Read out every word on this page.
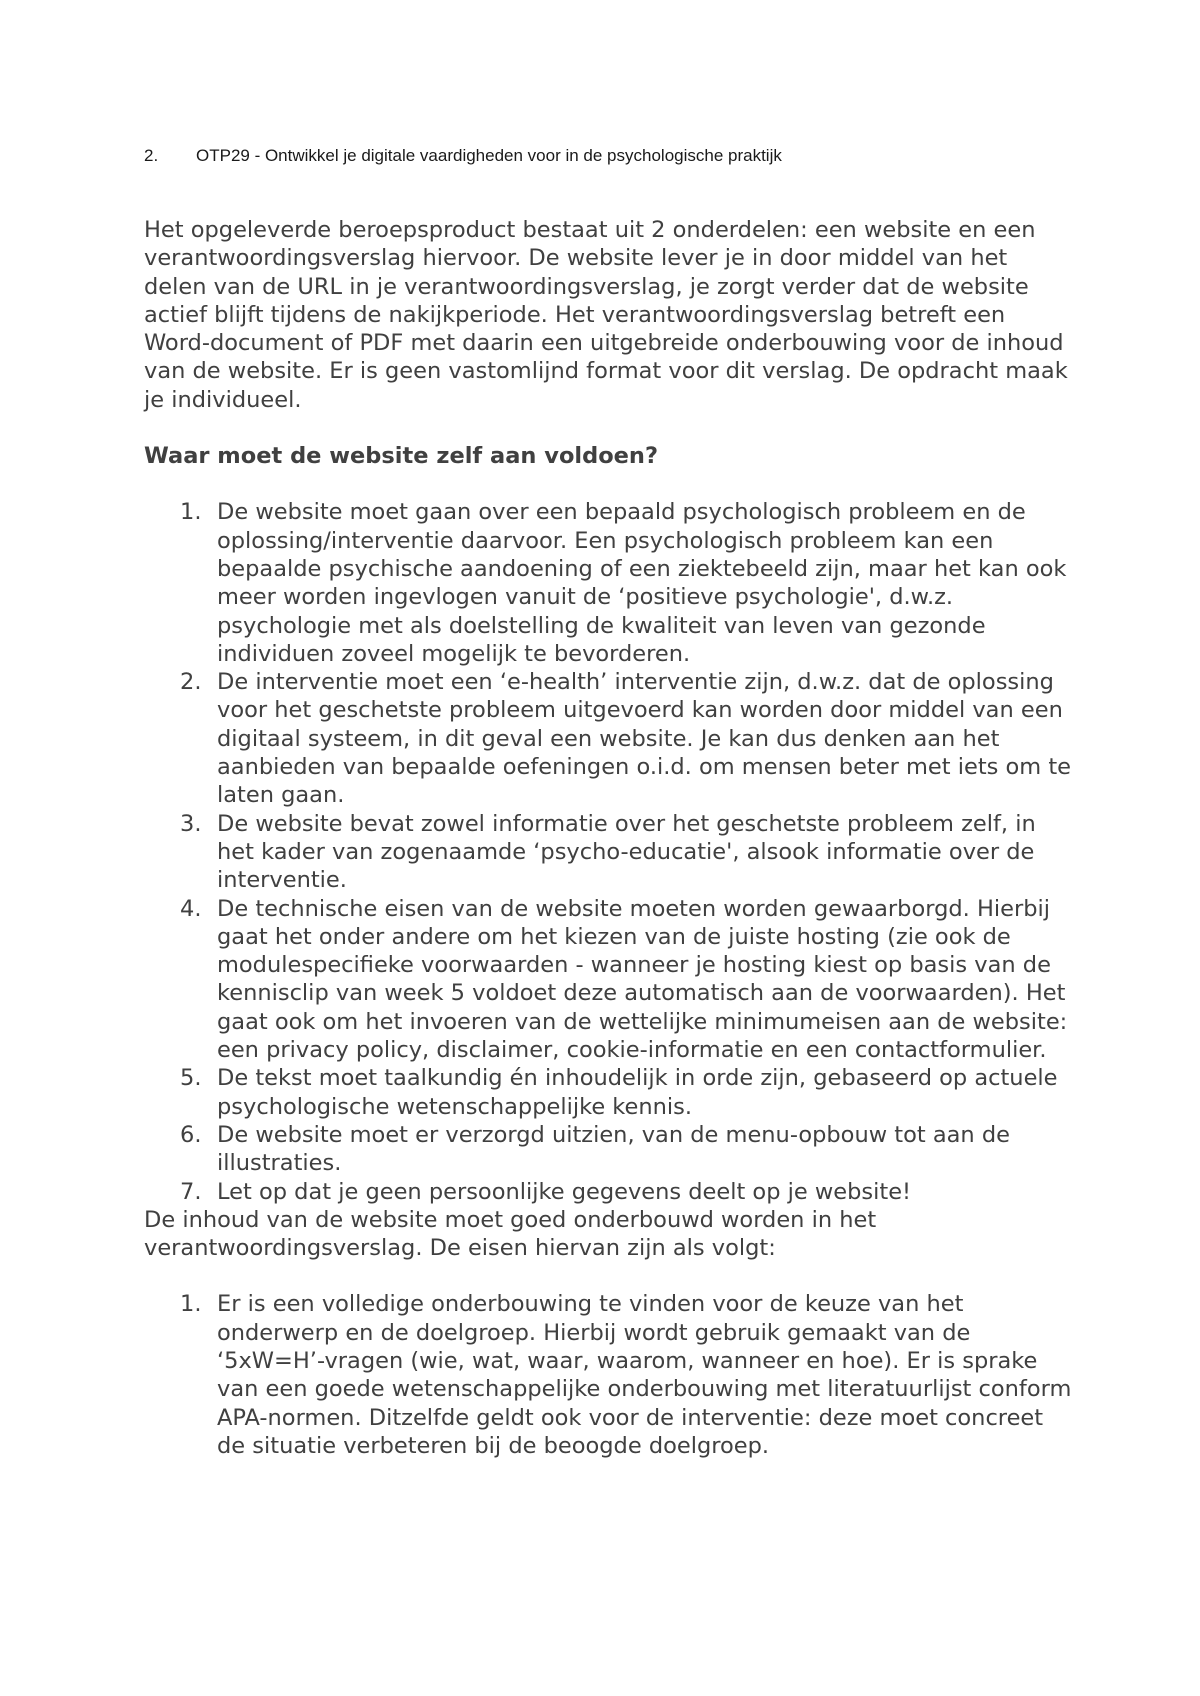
2. OTP29 - Ontwikkel je digitale vaardigheden voor in de psychologische praktijk

Het opgeleverde beroepsproduct bestaat uit 2 onderdelen: een website en een verantwoordingsverslag hiervoor. De website lever je in door middel van het delen van de URL in je verantwoordingsverslag, je zorgt verder dat de website actief blijft tijdens de nakijkperiode. Het verantwoordingsverslag betreft een Word-document of PDF met daarin een uitgebreide onderbouwing voor de inhoud van de website. Er is geen vastomlijnd format voor dit verslag. De opdracht maak je individueel.

Waar moet de website zelf aan voldoen?

1. De website moet gaan over een bepaald psychologisch probleem en de oplossing/interventie daarvoor. Een psychologisch probleem kan een bepaalde psychische aandoening of een ziektebeeld zijn, maar het kan ook meer worden ingevlogen vanuit de ‘positieve psychologie', d.w.z. psychologie met als doelstelling de kwaliteit van leven van gezonde individuen zoveel mogelijk te bevorderen.
2. De interventie moet een ‘e-health’ interventie zijn, d.w.z. dat de oplossing voor het geschetste probleem uitgevoerd kan worden door middel van een digitaal systeem, in dit geval een website. Je kan dus denken aan het aanbieden van bepaalde oefeningen o.i.d. om mensen beter met iets om te laten gaan.
3. De website bevat zowel informatie over het geschetste probleem zelf, in het kader van zogenaamde ‘psycho-educatie', alsook informatie over de interventie.
4. De technische eisen van de website moeten worden gewaarborgd. Hierbij gaat het onder andere om het kiezen van de juiste hosting (zie ook de modulespecifieke voorwaarden - wanneer je hosting kiest op basis van de kennisclip van week 5 voldoet deze automatisch aan de voorwaarden). Het gaat ook om het invoeren van de wettelijke minimumeisen aan de website: een privacy policy, disclaimer, cookie-informatie en een contactformulier.
5. De tekst moet taalkundig én inhoudelijk in orde zijn, gebaseerd op actuele psychologische wetenschappelijke kennis.
6. De website moet er verzorgd uitzien, van de menu-opbouw tot aan de illustraties.
7. Let op dat je geen persoonlijke gegevens deelt op je website!

De inhoud van de website moet goed onderbouwd worden in het verantwoordingsverslag. De eisen hiervan zijn als volgt:

1. Er is een volledige onderbouwing te vinden voor de keuze van het onderwerp en de doelgroep. Hierbij wordt gebruik gemaakt van de ‘5xW=H’-vragen (wie, wat, waar, waarom, wanneer en hoe). Er is sprake van een goede wetenschappelijke onderbouwing met literatuurlijst conform APA-normen. Ditzelfde geldt ook voor de interventie: deze moet concreet de situatie verbeteren bij de beoogde doelgroep.
